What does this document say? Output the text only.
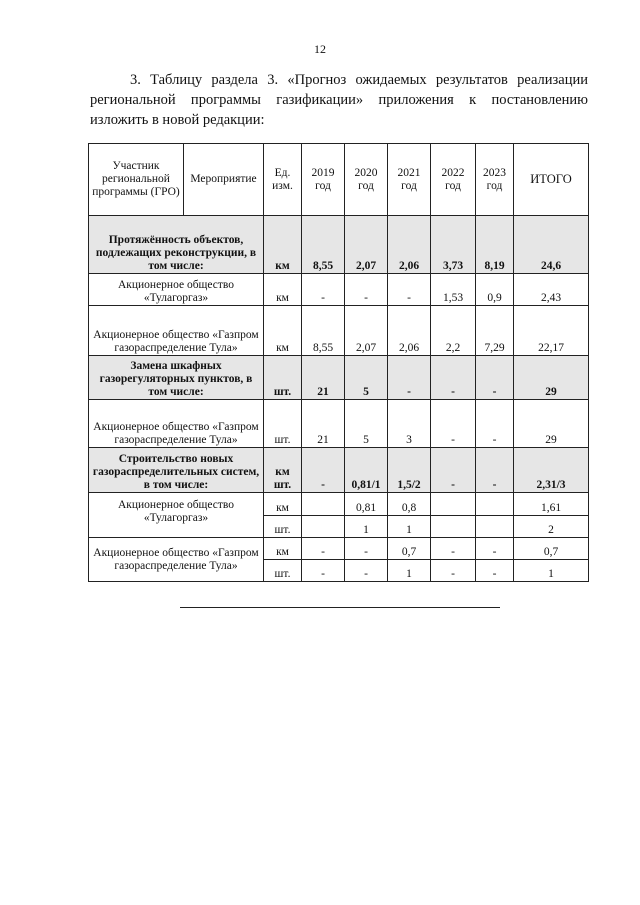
12

3. Таблицу раздела 3. «Прогноз ожидаемых результатов реализации региональной программы газификации» приложения к постановлению изложить в новой редакции:

Участник региональной программы (ГРО)	Мероприятие	Ед. изм.	2019 год	2020 год	2021 год	2022 год	2023 год	ИТОГО
Протяжённость объектов, подлежащих реконструкции, в том числе:		км	8,55	2,07	2,06	3,73	8,19	24,6
Акционерное общество «Тулагоргаз»		км	-	-	-	1,53	0,9	2,43
Акционерное общество «Газпром газораспределение Тула»		км	8,55	2,07	2,06	2,2	7,29	22,17
Замена шкафных газорегуляторных пунктов, в том числе:		шт.	21	5	-	-	-	29
Акционерное общество «Газпром газораспределение Тула»		шт.	21	5	3	-	-	29
Строительство новых газораспределительных систем, в том числе:		км шт.	-	0,81/1	1,5/2	-	-	2,31/3
Акционерное общество «Тулагоргаз»		км		0,81	0,8			1,61
		шт.		1	1			2
Акционерное общество «Газпром газораспределение Тула»		км	-	-	0,7	-	-	0,7
		шт.	-	-	1	-	-	1
